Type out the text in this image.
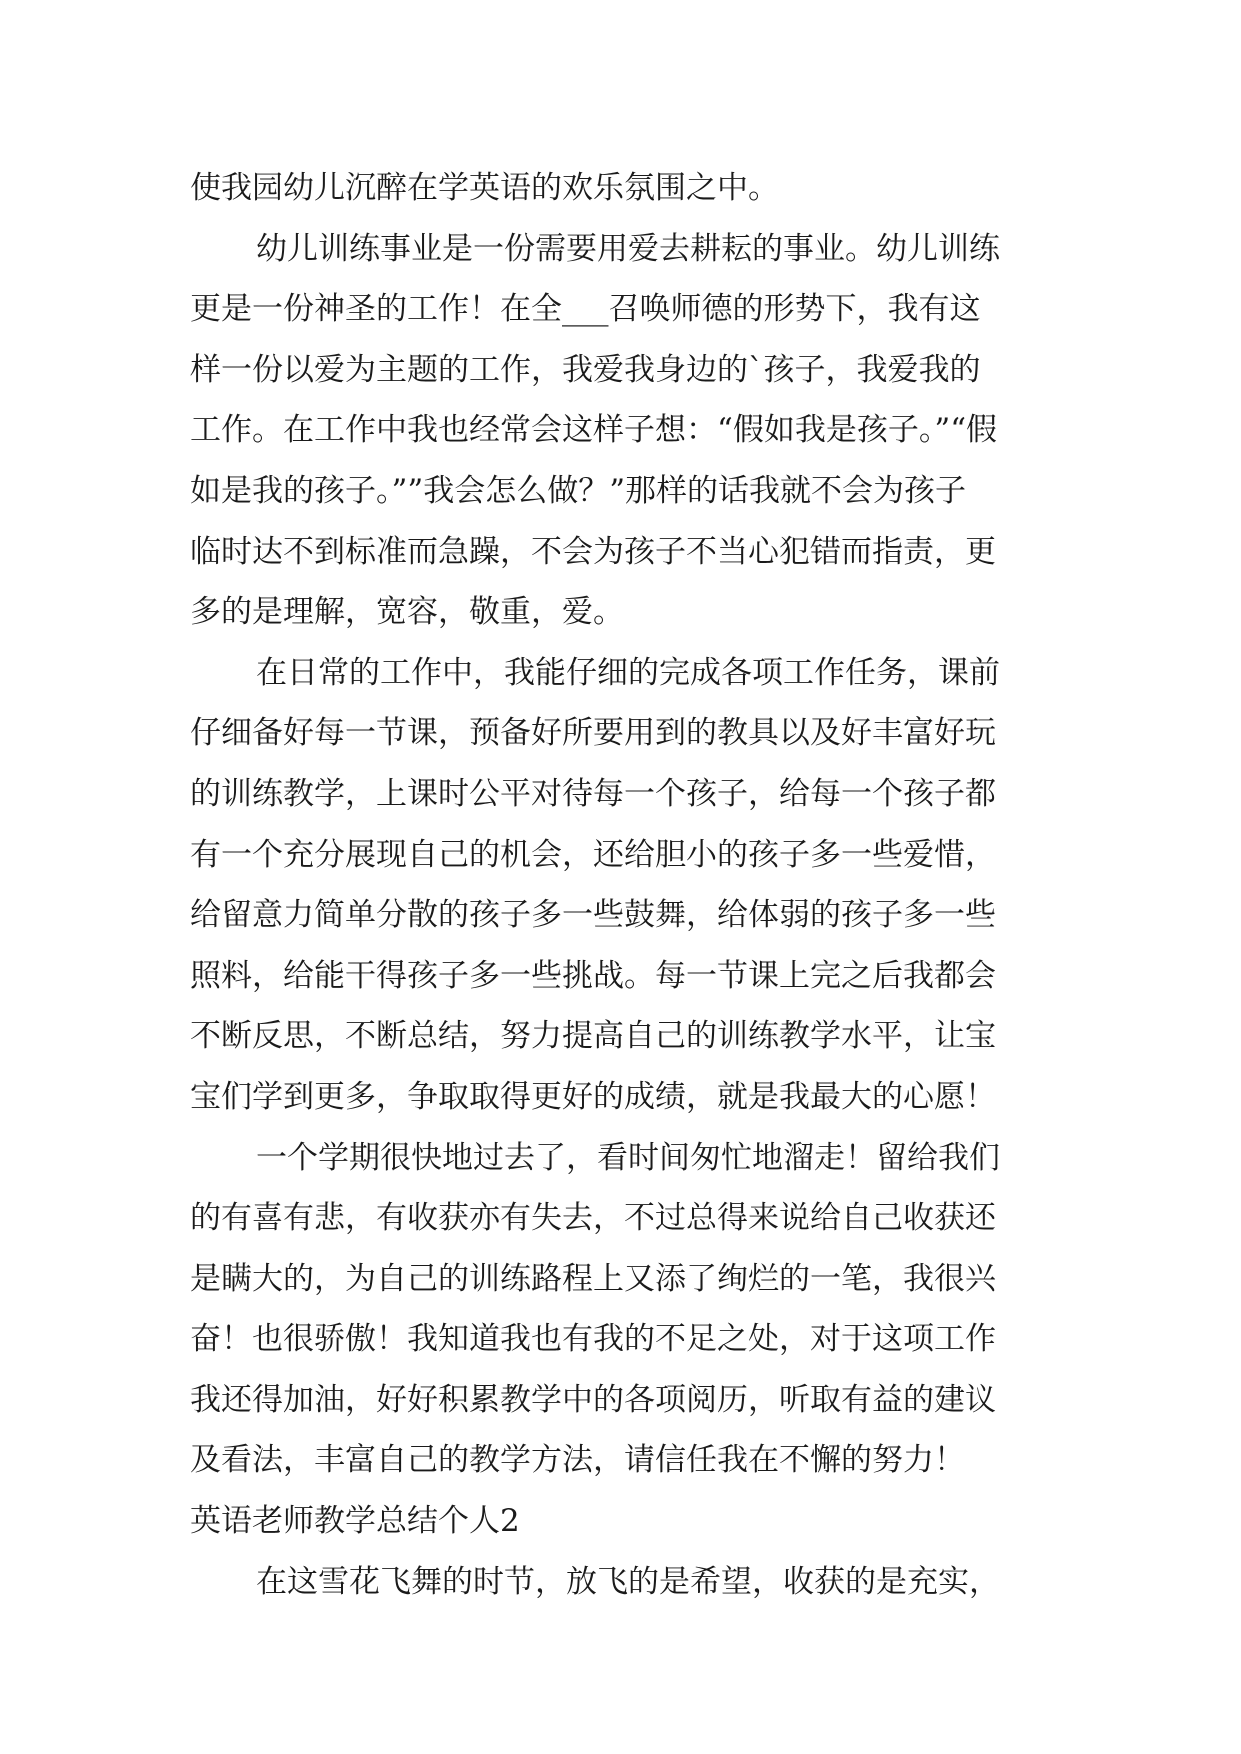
使我园幼儿沉醉在学英语的欢乐氛围之中。
幼儿训练事业是一份需要用爱去耕耘的事业。幼儿训练
更是一份神圣的工作！在全___召唤师德的形势下，我有这
样一份以爱为主题的工作，我爱我身边的`孩子，我爱我的
工作。在工作中我也经常会这样子想：“假如我是孩子。”“假
如是我的孩子。””我会怎么做？”那样的话我就不会为孩子
临时达不到标准而急躁，不会为孩子不当心犯错而指责，更
多的是理解，宽容，敬重，爱。
在日常的工作中，我能仔细的完成各项工作任务，课前
仔细备好每一节课，预备好所要用到的教具以及好丰富好玩
的训练教学，上课时公平对待每一个孩子，给每一个孩子都
有一个充分展现自己的机会，还给胆小的孩子多一些爱惜，
给留意力简单分散的孩子多一些鼓舞，给体弱的孩子多一些
照料，给能干得孩子多一些挑战。每一节课上完之后我都会
不断反思，不断总结，努力提高自己的训练教学水平，让宝
宝们学到更多，争取取得更好的成绩，就是我最大的心愿！
一个学期很快地过去了，看时间匆忙地溜走！留给我们
的有喜有悲，有收获亦有失去，不过总得来说给自己收获还
是瞒大的，为自己的训练路程上又添了绚烂的一笔，我很兴
奋！也很骄傲！我知道我也有我的不足之处，对于这项工作
我还得加油，好好积累教学中的各项阅历，听取有益的建议
及看法，丰富自己的教学方法，请信任我在不懈的努力！
英语老师教学总结个人2
在这雪花飞舞的时节，放飞的是希望，收获的是充实，
